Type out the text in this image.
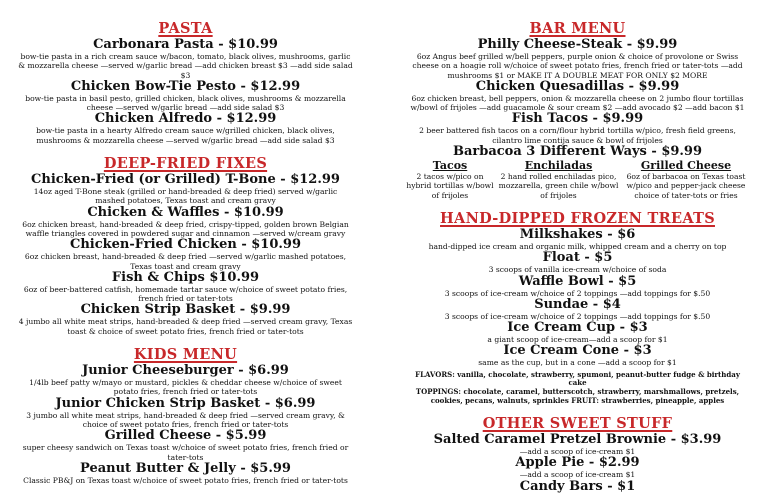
PASTA
Carbonara Pasta - $10.99
bow-tie pasta in a rich cream sauce w/bacon, tomato, black olives, mushrooms, garlic & mozzarella cheese —served w/garlic bread —add chicken breast $3 —add side salad $3
Chicken Bow-Tie Pesto - $12.99
bow-tie pasta in basil pesto, grilled chicken, black olives, mushrooms & mozzarella cheese —served w/garlic bread —add side salad $3
Chicken Alfredo - $12.99
bow-tie pasta in a hearty Alfredo cream sauce w/grilled chicken, black olives, mushrooms & mozzarella cheese —served w/garlic bread —add side salad $3
DEEP-FRIED FIXES
Chicken-Fried (or Grilled) T-Bone - $12.99
14oz aged T-Bone steak (grilled or hand-breaded & deep fried) served w/garlic mashed potatoes, Texas toast and cream gravy
Chicken & Waffles - $10.99
6oz chicken breast, hand-breaded & deep fried, crispy-tipped, golden brown Belgian waffle triangles covered in powdered sugar and cinnamon —served w/cream gravy
Chicken-Fried Chicken - $10.99
6oz chicken breast, hand-breaded & deep fried —served w/garlic mashed potatoes, Texas toast and cream gravy
Fish & Chips $10.99
6oz of beer-battered catfish, homemade tartar sauce w/choice of sweet potato fries, french fried or tater-tots
Chicken Strip Basket - $9.99
4 jumbo all white meat strips, hand-breaded & deep fried —served cream gravy, Texas toast & choice of sweet potato fries, french fried or tater-tots
KIDS MENU
Junior Cheeseburger - $6.99
1/4lb beef patty w/mayo or mustard, pickles & cheddar cheese w/choice of sweet potato fries, french fried or tater-tots
Junior Chicken Strip Basket - $6.99
3 jumbo all white meat strips, hand-breaded & deep fried —served cream gravy, & choice of sweet potato fries, french fried or tater-tots
Grilled Cheese - $5.99
super cheesy sandwich on Texas toast w/choice of sweet potato fries, french fried or tater-tots
Peanut Butter & Jelly - $5.99
Classic PB&J on Texas toast w/choice of sweet potato fries, french fried or tater-tots
BAR MENU
Philly Cheese-Steak - $9.99
6oz Angus beef grilled w/bell peppers, purple onion & choice of provolone or Swiss cheese on a hoagie roll w/choice of sweet potato fries, french fried or tater-tots —add mushrooms $1 or MAKE IT A DOUBLE MEAT FOR ONLY $2 MORE
Chicken Quesadillas - $9.99
6oz chicken breast, bell peppers, onion & mozzarella cheese on 2 jumbo flour tortillas w/bowl of frijoles —add guacamole & sour cream $2 —add avocado $2 —add bacon $1
Fish Tacos - $9.99
2 beer battered fish tacos on a corn/flour hybrid tortilla w/pico, fresh field greens, cilantro lime contija sauce & bowl of frijoles
Barbacoa 3 Different Ways - $9.99
Tacos
2 tacos w/pico on hybrid tortillas w/bowl of frijoles
Enchiladas
2 hand rolled enchiladas pico, mozzarella, green chile w/bowl of frijoles
Grilled Cheese
6oz of barbacoa on Texas toast w/pico and pepper-jack cheese choice of tater-tots or fries
HAND-DIPPED FROZEN TREATS
Milkshakes - $6
hand-dipped ice cream and organic milk, whipped cream and a cherry on top
Float - $5
3 scoops of vanilla ice-cream w/choice of soda
Waffle Bowl - $5
3 scoops of ice-cream w/choice of 2 toppings —add toppings for $.50
Sundae - $4
3 scoops of ice-cream w/choice of 2 toppings —add toppings for $.50
Ice Cream Cup - $3
a giant scoop of ice-cream—add a scoop for $1
Ice Cream Cone - $3
same as the cup, but in a cone —add a scoop for $1
FLAVORS: vanilla, chocolate, strawberry, spumoni, peanut-butter fudge & birthday cake
TOPPINGS: chocolate, caramel, butterscotch, strawberry, marshmallows, pretzels, cookies, pecans, walnuts, sprinkles FRUIT: strawberries, pineapple, apples
OTHER SWEET STUFF
Salted Caramel Pretzel Brownie - $3.99
—add a scoop of ice-cream $1
Apple Pie - $2.99
—add a scoop of ice-cream $1
Candy Bars - $1
